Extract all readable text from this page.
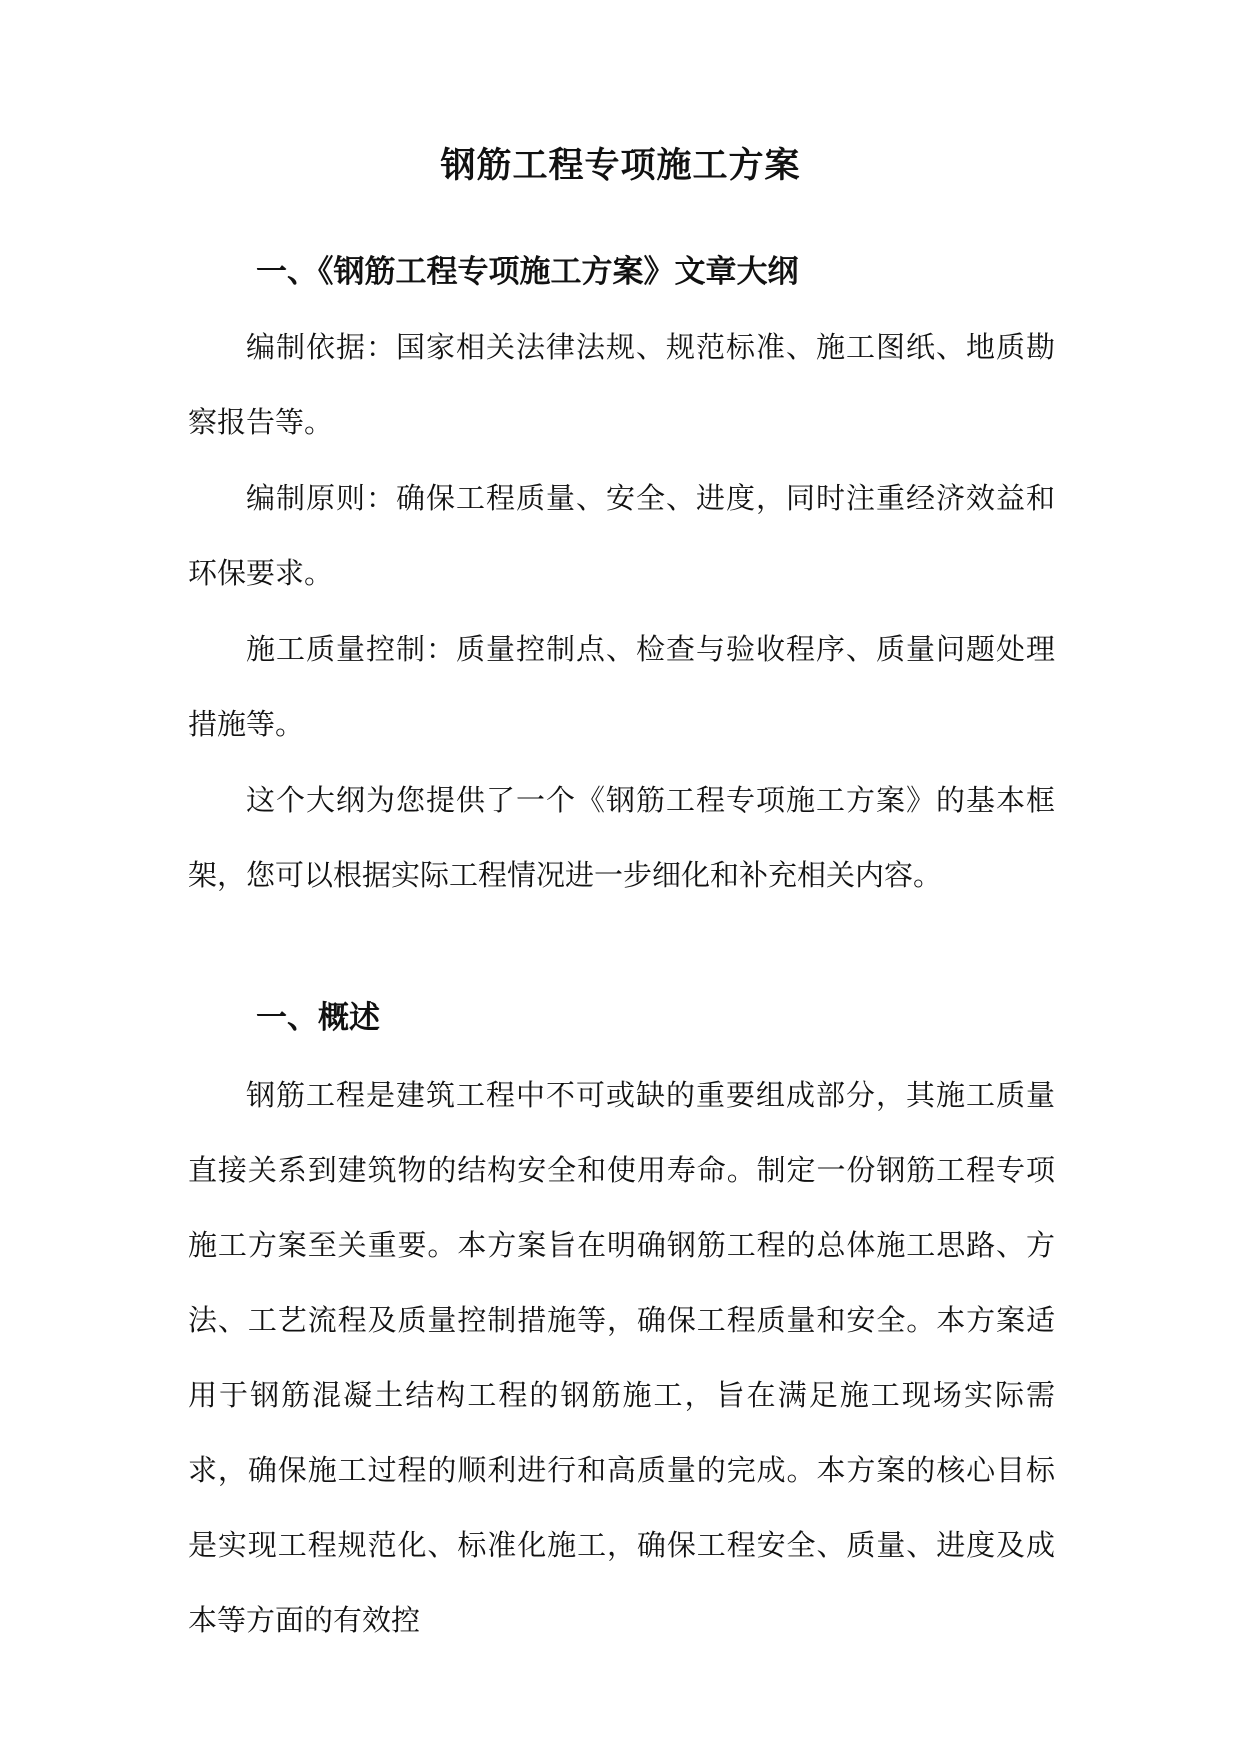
钢筋工程专项施工方案
一、《钢筋工程专项施工方案》文章大纲

编制依据：国家相关法律法规、规范标准、施工图纸、地质勘察报告等。

编制原则：确保工程质量、安全、进度，同时注重经济效益和环保要求。

施工质量控制：质量控制点、检查与验收程序、质量问题处理措施等。

这个大纲为您提供了一个《钢筋工程专项施工方案》的基本框架，您可以根据实际工程情况进一步细化和补充相关内容。

一、概述

钢筋工程是建筑工程中不可或缺的重要组成部分，其施工质量直接关系到建筑物的结构安全和使用寿命。制定一份钢筋工程专项施工方案至关重要。本方案旨在明确钢筋工程的总体施工思路、方法、工艺流程及质量控制措施等，确保工程质量和安全。本方案适用于钢筋混凝土结构工程的钢筋施工，旨在满足施工现场实际需求，确保施工过程的顺利进行和高质量的完成。本方案的核心目标是实现工程规范化、标准化施工，确保工程安全、质量、进度及成本等方面的有效控
